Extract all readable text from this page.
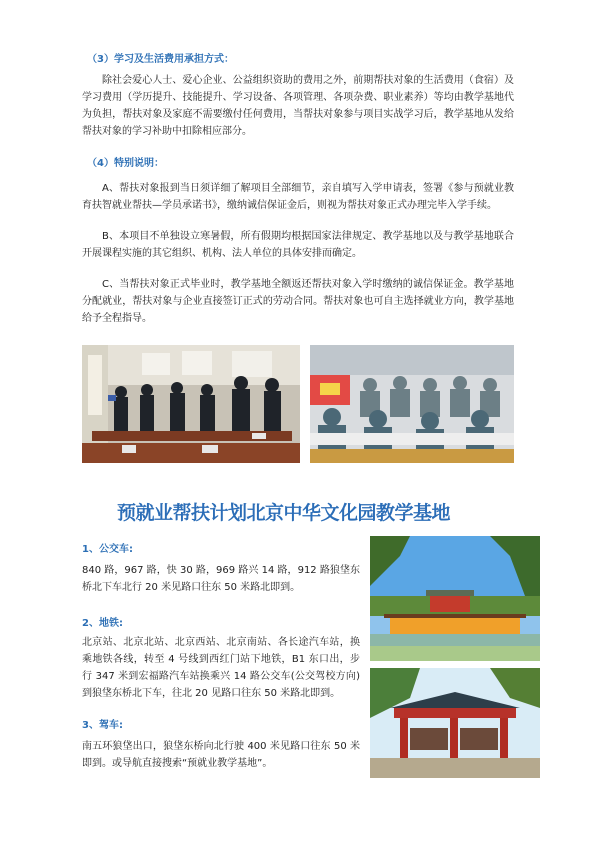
（3）学习及生活费用承担方式：
除社会爱心人士、爱心企业、公益组织资助的费用之外，前期帮扶对象的生活费用（食宿）及学习费用（学历提升、技能提升、学习设备、各项管理、各项杂费、职业素养）等均由教学基地代为负担，帮扶对象及家庭不需要缴付任何费用，当帮扶对象参与项目实战学习后，教学基地从发给帮扶对象的学习补助中扣除相应部分。
（4）特别说明：
A、帮扶对象报到当日须详细了解项目全部细节，亲自填写入学申请表，签署《参与预就业教育扶智就业帮扶—学员承诺书》，缴纳诚信保证金后，则视为帮扶对象正式办理完毕入学手续。
B、本项目不单独设立寒暑假，所有假期均根据国家法律规定、教学基地以及与教学基地联合开展课程实施的其它组织、机构、法人单位的具体安排而确定。
C、当帮扶对象正式毕业时，教学基地全额返还帮扶对象入学时缴纳的诚信保证金。教学基地分配就业，帮扶对象与企业直接签订正式的劳动合同。帮扶对象也可自主选择就业方向，教学基地给予全程指导。
预就业帮扶计划北京中华文化园教学基地
1、公交车:
840 路，967 路，快 30 路，969 路兴 14 路，912 路狼垡东桥北下车北行 20 米见路口往东 50 米路北即到。
2、地铁:
北京站、北京北站、北京西站、北京南站、各长途汽车站，换乘地铁各线，转至 4 号线到西红门站下地铁，B1 东口出，步行 347 米到宏福路汽车站换乘兴 14 路公交车(公交驾校方向)到狼垡东桥北下车，往北 20 见路口往东 50 米路北即到。
3、驾车:
南五环狼垡出口，狼垡东桥向北行驶 400 米见路口往东 50 米即到。或导航直接搜索“预就业教学基地”。
